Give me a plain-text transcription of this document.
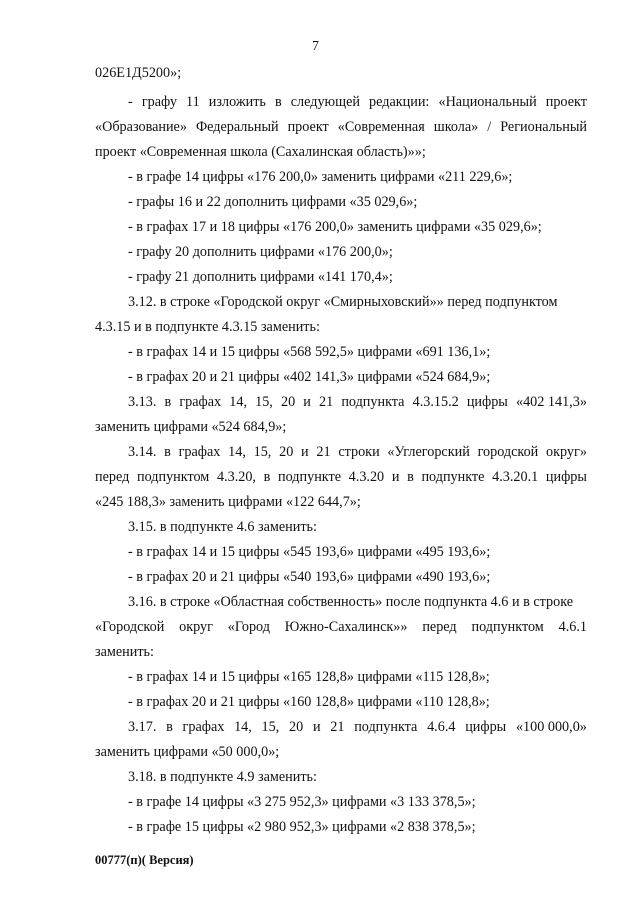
7
026Е1Д5200»;
- графу 11 изложить в следующей редакции: «Национальный проект
«Образование» Федеральный проект «Современная школа» / Региональный
проект «Современная школа (Сахалинская область)»»;
- в графе 14 цифры «176 200,0» заменить цифрами «211 229,6»;
- графы 16 и 22 дополнить цифрами «35 029,6»;
- в графах 17 и 18 цифры «176 200,0» заменить цифрами «35 029,6»;
- графу 20 дополнить цифрами «176 200,0»;
- графу 21 дополнить цифрами «141 170,4»;
3.12. в строке «Городской округ «Смирныховский»» перед подпунктом
4.3.15 и в подпункте 4.3.15 заменить:
- в графах 14 и 15 цифры «568 592,5» цифрами «691 136,1»;
- в графах 20 и 21 цифры «402 141,3» цифрами «524 684,9»;
3.13. в графах 14, 15, 20 и 21 подпункта 4.3.15.2 цифры «402 141,3»
заменить цифрами «524 684,9»;
3.14. в графах 14, 15, 20 и 21 строки «Углегорский городской округ»
перед подпунктом 4.3.20, в подпункте 4.3.20 и в подпункте 4.3.20.1 цифры
«245 188,3» заменить цифрами «122 644,7»;
3.15. в подпункте 4.6 заменить:
- в графах 14 и 15 цифры «545 193,6» цифрами «495 193,6»;
- в графах 20 и 21 цифры «540 193,6» цифрами «490 193,6»;
3.16. в строке «Областная собственность» после подпункта 4.6 и в строке
«Городской округ «Город Южно-Сахалинск»» перед подпунктом 4.6.1
заменить:
- в графах 14 и 15 цифры «165 128,8» цифрами «115 128,8»;
- в графах 20 и 21 цифры «160 128,8» цифрами «110 128,8»;
3.17. в графах 14, 15, 20 и 21 подпункта 4.6.4 цифры «100 000,0»
заменить цифрами «50 000,0»;
3.18. в подпункте 4.9 заменить:
- в графе 14 цифры «3 275 952,3» цифрами «3 133 378,5»;
- в графе 15 цифры «2 980 952,3» цифрами «2 838 378,5»;
00777(п)( Версия)
